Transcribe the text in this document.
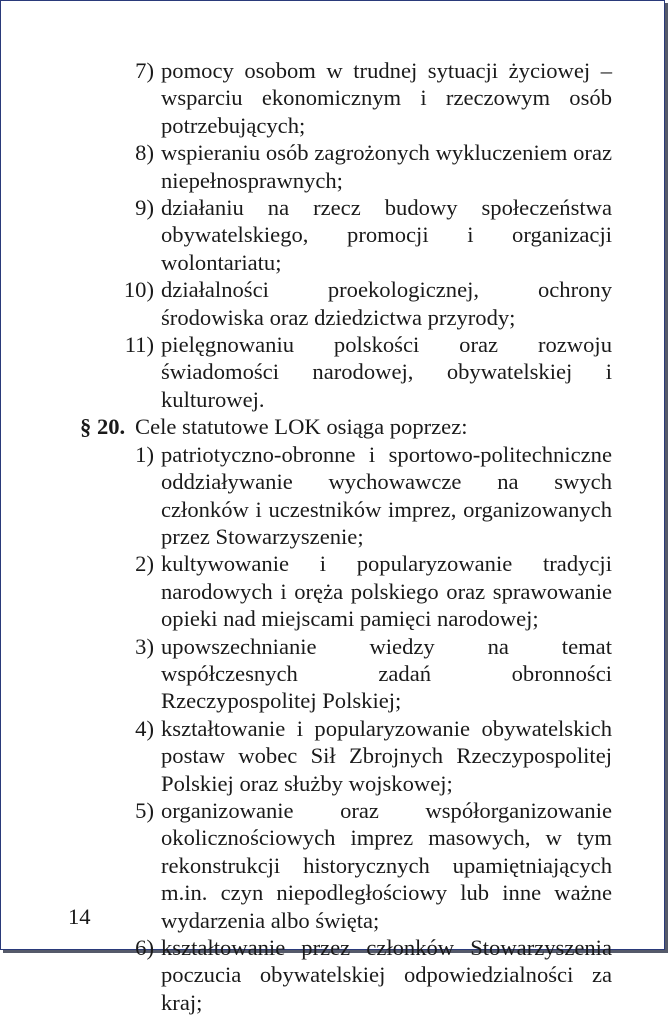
7) pomocy osobom w trudnej sytuacji życiowej – wsparciu ekonomicznym i rzeczowym osób potrzebujących;
8) wspieraniu osób zagrożonych wykluczeniem oraz niepełnosprawnych;
9) działaniu na rzecz budowy społeczeństwa obywatelskiego, promocji i organizacji wolontariatu;
10) działalności proekologicznej, ochrony środowiska oraz dziedzictwa przyrody;
11) pielęgnowaniu polskości oraz rozwoju świadomości narodowej, obywatelskiej i kulturowej.
§ 20. Cele statutowe LOK osiąga poprzez:
1) patriotyczno-obronne i sportowo-politechniczne oddziaływanie wychowawcze na swych członków i uczestników imprez, organizowanych przez Stowarzyszenie;
2) kultywowanie i popularyzowanie tradycji narodowych i oręża polskiego oraz sprawowanie opieki nad miejscami pamięci narodowej;
3) upowszechnianie wiedzy na temat współczesnych zadań obronności Rzeczypospolitej Polskiej;
4) kształtowanie i popularyzowanie obywatelskich postaw wobec Sił Zbrojnych Rzeczypospolitej Polskiej oraz służby wojskowej;
5) organizowanie oraz współorganizowanie okolicznościowych imprez masowych, w tym rekonstrukcji historycznych upamiętniających m.in. czyn niepodległościowy lub inne ważne wydarzenia albo święta;
6) kształtowanie przez członków Stowarzyszenia poczucia obywatelskiej odpowiedzialności za kraj;
14
